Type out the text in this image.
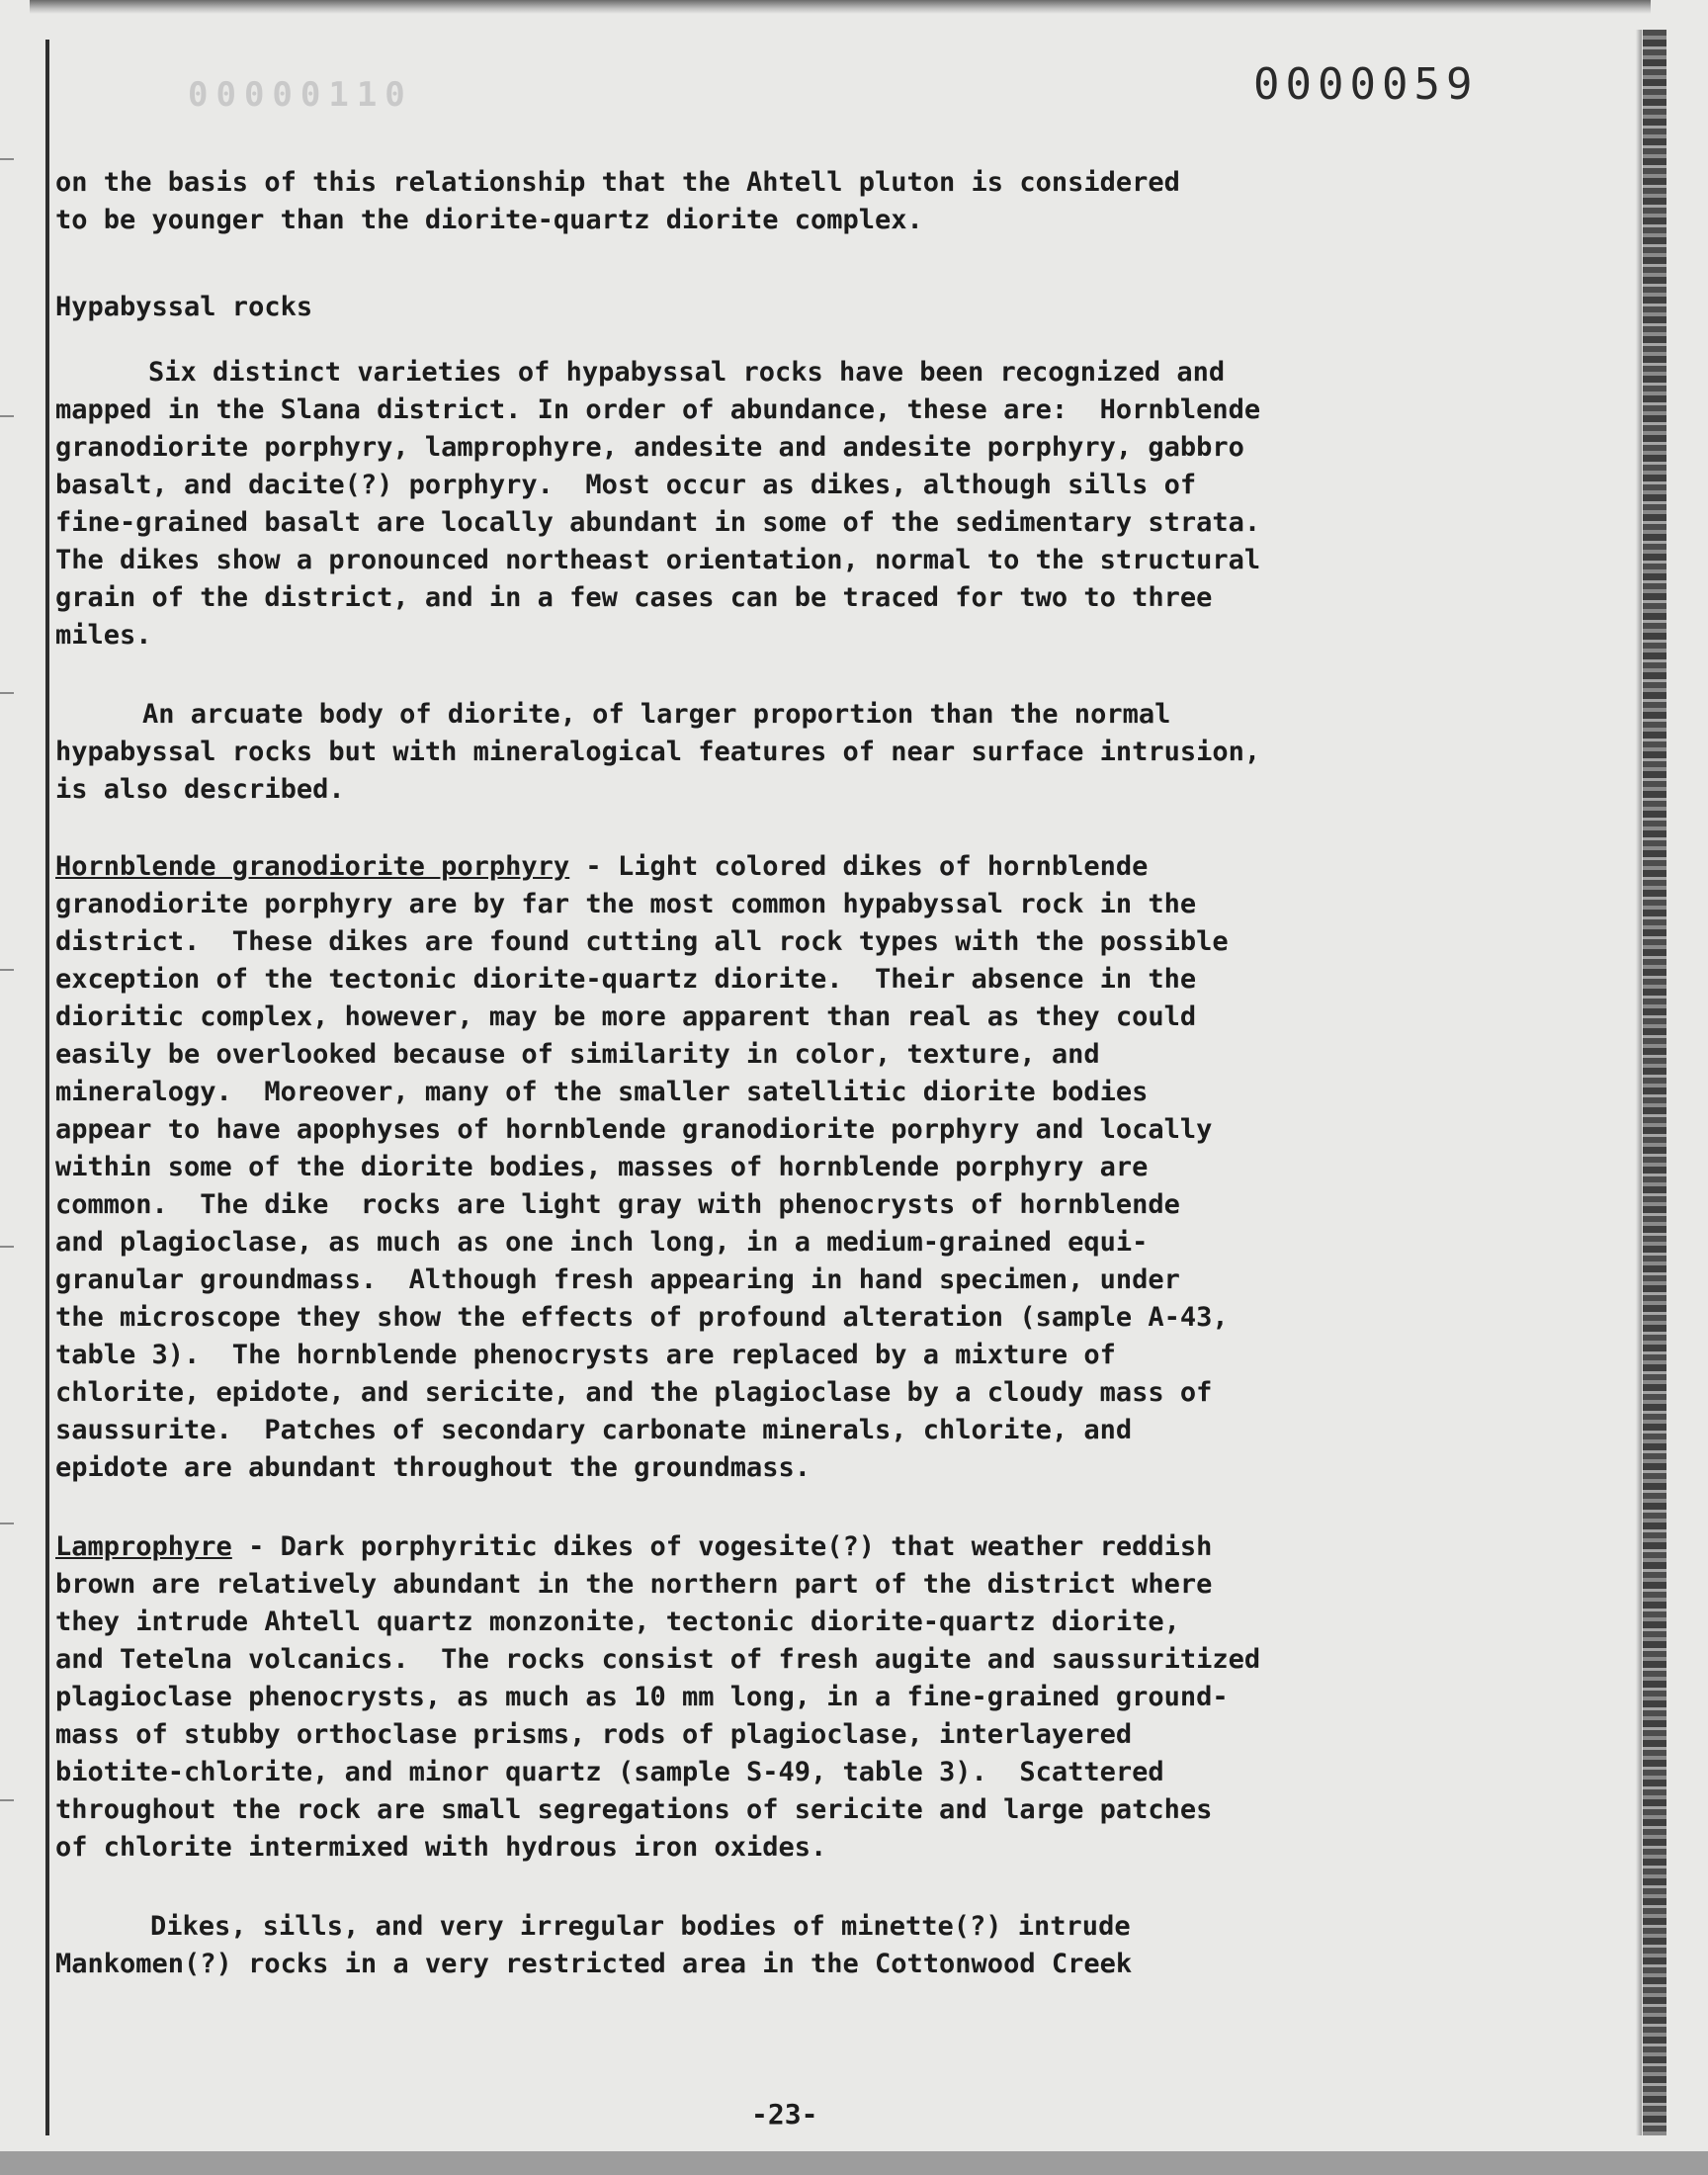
00000110	0000059

on the basis of this relationship that the Ahtell pluton is considered
to be younger than the diorite-quartz diorite complex.

Hypabyssal rocks

Six distinct varieties of hypabyssal rocks have been recognized and
mapped in the Slana district. In order of abundance, these are:  Hornblende
granodiorite porphyry, lamprophyre, andesite and andesite porphyry, gabbro
basalt, and dacite(?) porphyry.  Most occur as dikes, although sills of
fine-grained basalt are locally abundant in some of the sedimentary strata.
The dikes show a pronounced northeast orientation, normal to the structural
grain of the district, and in a few cases can be traced for two to three
miles.

An arcuate body of diorite, of larger proportion than the normal
hypabyssal rocks but with mineralogical features of near surface intrusion,
is also described.

Hornblende granodiorite porphyry - Light colored dikes of hornblende
granodiorite porphyry are by far the most common hypabyssal rock in the
district.  These dikes are found cutting all rock types with the possible
exception of the tectonic diorite-quartz diorite.  Their absence in the
dioritic complex, however, may be more apparent than real as they could
easily be overlooked because of similarity in color, texture, and
mineralogy.  Moreover, many of the smaller satellitic diorite bodies
appear to have apophyses of hornblende granodiorite porphyry and locally
within some of the diorite bodies, masses of hornblende porphyry are
common.  The dike  rocks are light gray with phenocrysts of hornblende
and plagioclase, as much as one inch long, in a medium-grained equi-
granular groundmass.  Although fresh appearing in hand specimen, under
the microscope they show the effects of profound alteration (sample A-43,
table 3).  The hornblende phenocrysts are replaced by a mixture of
chlorite, epidote, and sericite, and the plagioclase by a cloudy mass of
saussurite.  Patches of secondary carbonate minerals, chlorite, and
epidote are abundant throughout the groundmass.

Lamprophyre - Dark porphyritic dikes of vogesite(?) that weather reddish
brown are relatively abundant in the northern part of the district where
they intrude Ahtell quartz monzonite, tectonic diorite-quartz diorite,
and Tetelna volcanics.  The rocks consist of fresh augite and saussuritized
plagioclase phenocrysts, as much as 10 mm long, in a fine-grained ground-
mass of stubby orthoclase prisms, rods of plagioclase, interlayered
biotite-chlorite, and minor quartz (sample S-49, table 3).  Scattered
throughout the rock are small segregations of sericite and large patches
of chlorite intermixed with hydrous iron oxides.

Dikes, sills, and very irregular bodies of minette(?) intrude
Mankomen(?) rocks in a very restricted area in the Cottonwood Creek

-23-
